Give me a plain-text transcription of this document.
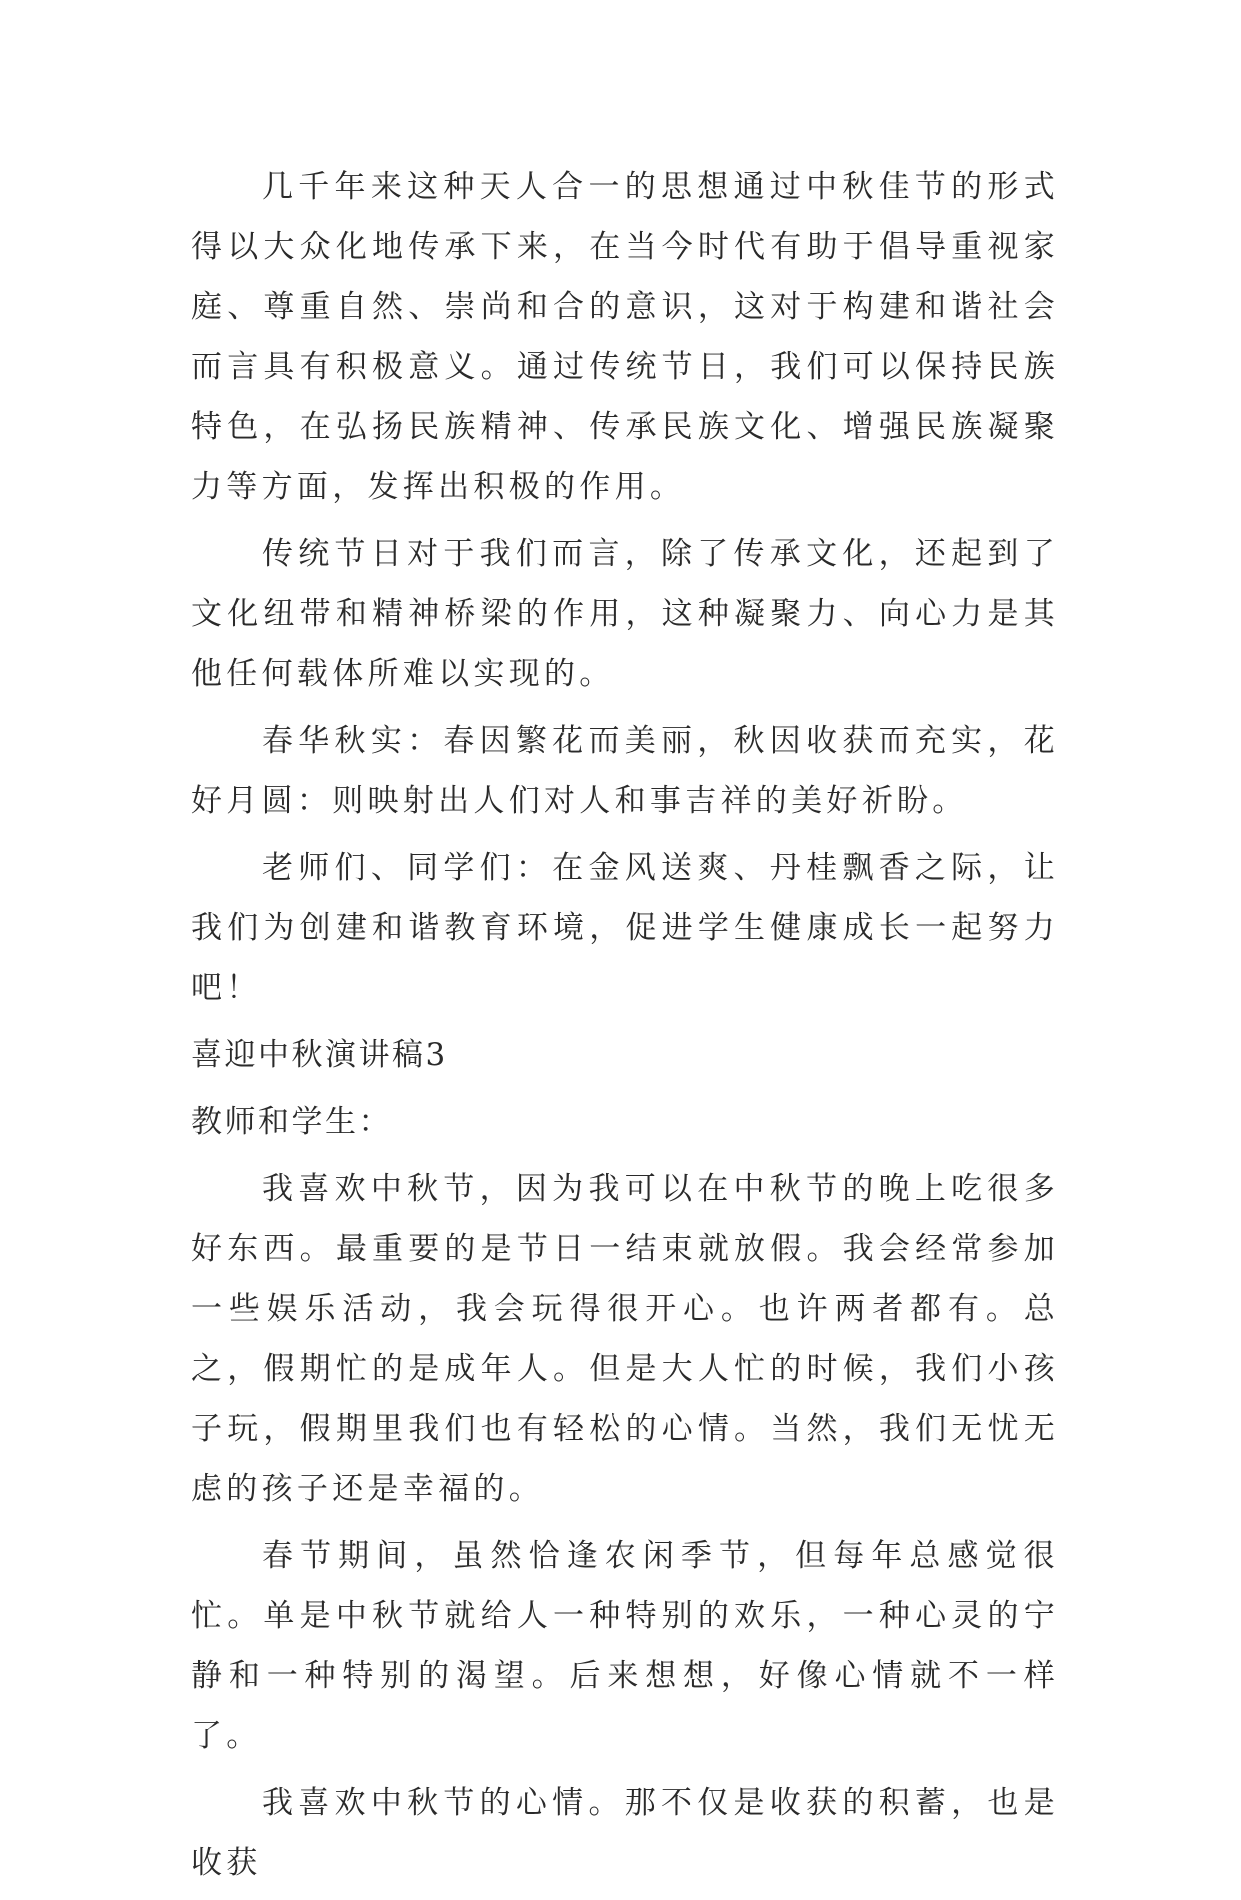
几千年来这种天人合一的思想通过中秋佳节的形式得以大众化地传承下来，在当今时代有助于倡导重视家庭、尊重自然、崇尚和合的意识，这对于构建和谐社会而言具有积极意义。通过传统节日，我们可以保持民族特色，在弘扬民族精神、传承民族文化、增强民族凝聚力等方面，发挥出积极的作用。

传统节日对于我们而言，除了传承文化，还起到了文化纽带和精神桥梁的作用，这种凝聚力、向心力是其他任何载体所难以实现的。

春华秋实：春因繁花而美丽，秋因收获而充实，花好月圆：则映射出人们对人和事吉祥的美好祈盼。

老师们、同学们：在金风送爽、丹桂飘香之际，让我们为创建和谐教育环境，促进学生健康成长一起努力吧！

喜迎中秋演讲稿3

教师和学生：

我喜欢中秋节，因为我可以在中秋节的晚上吃很多好东西。最重要的是节日一结束就放假。我会经常参加一些娱乐活动，我会玩得很开心。也许两者都有。总之，假期忙的是成年人。但是大人忙的时候，我们小孩子玩，假期里我们也有轻松的心情。当然，我们无忧无虑的孩子还是幸福的。

春节期间，虽然恰逢农闲季节，但每年总感觉很忙。单是中秋节就给人一种特别的欢乐，一种心灵的宁静和一种特别的渴望。后来想想，好像心情就不一样了。

我喜欢中秋节的心情。那不仅是收获的积蓄，也是收获
